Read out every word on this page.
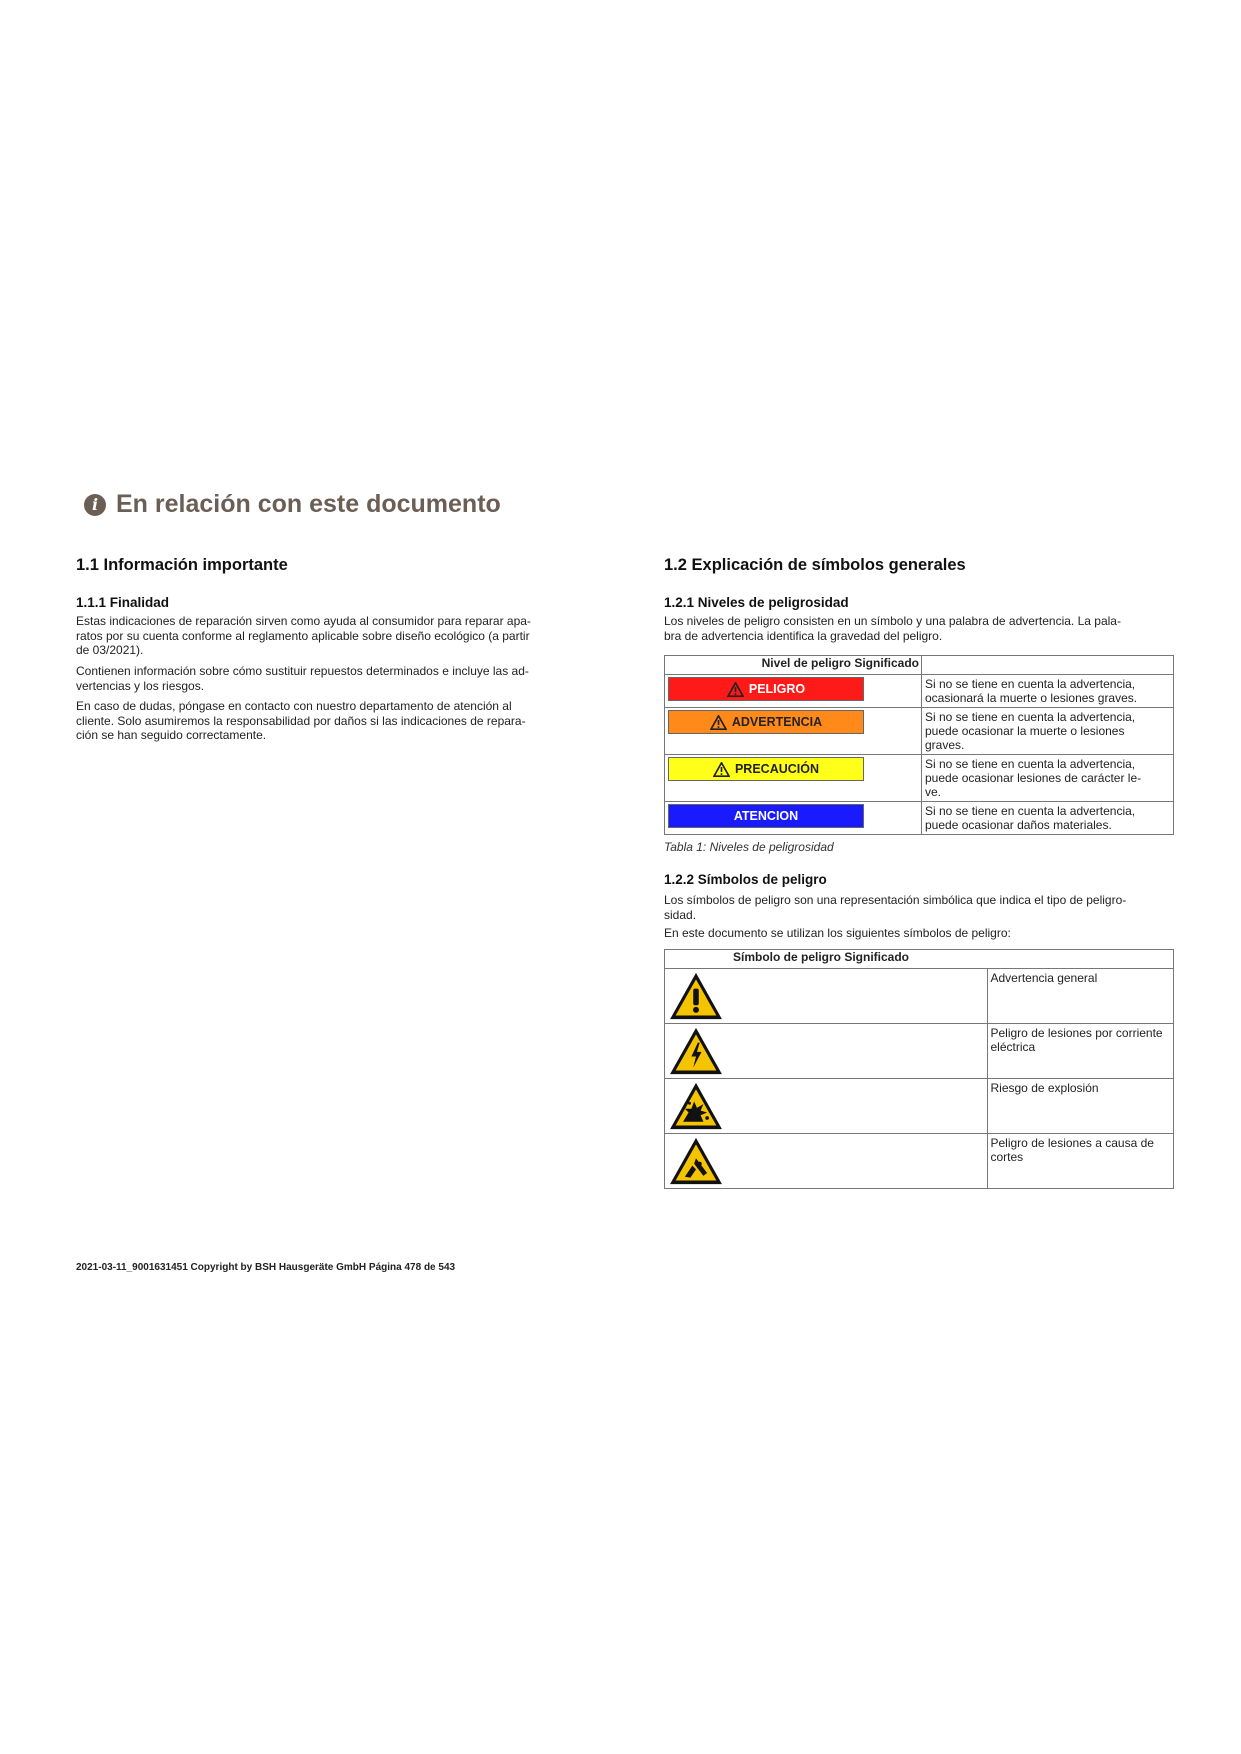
i En relación con este documento
1.1 Información importante
1.1.1 Finalidad

Estas indicaciones de reparación sirven como ayuda al consumidor para reparar apa-
ratos por su cuenta conforme al reglamento aplicable sobre diseño ecológico (a partir
de 03/2021).

Contienen información sobre cómo sustituir repuestos determinados e incluye las ad-
vertencias y los riesgos.

En caso de dudas, póngase en contacto con nuestro departamento de atención al
cliente. Solo asumiremos la responsabilidad por daños si las indicaciones de repara-
ción se han seguido correctamente.

1.2 Explicación de símbolos generales
1.2.1 Niveles de peligrosidad

Los niveles de peligro consisten en un símbolo y una palabra de advertencia. La pala-
bra de advertencia identifica la gravedad del peligro.

Nivel de peligro Significado	

PELIGRO	Si no se tiene en cuenta la advertencia,
ocasionará la muerte o lesiones graves.

ADVERTENCIA	Si no se tiene en cuenta la advertencia,
puede ocasionar la muerte o lesiones
graves.

PRECAUCIÓN	Si no se tiene en cuenta la advertencia,
puede ocasionar lesiones de carácter le-
ve.

ATENCION	Si no se tiene en cuenta la advertencia,
puede ocasionar daños materiales.
Tabla 1: Niveles de peligrosidad
1.2.2 Símbolos de peligro

Los símbolos de peligro son una representación simbólica que indica el tipo de peligro-
sidad.

En este documento se utilizan los siguientes símbolos de peligro:

Símbolo de peligro Significado	

	Advertencia general

	Peligro de lesiones por corriente eléctrica

	Riesgo de explosión

	Peligro de lesiones a causa de cortes
2021-03-11_9001631451 Copyright by BSH Hausgeräte GmbH Página 478 de 543
